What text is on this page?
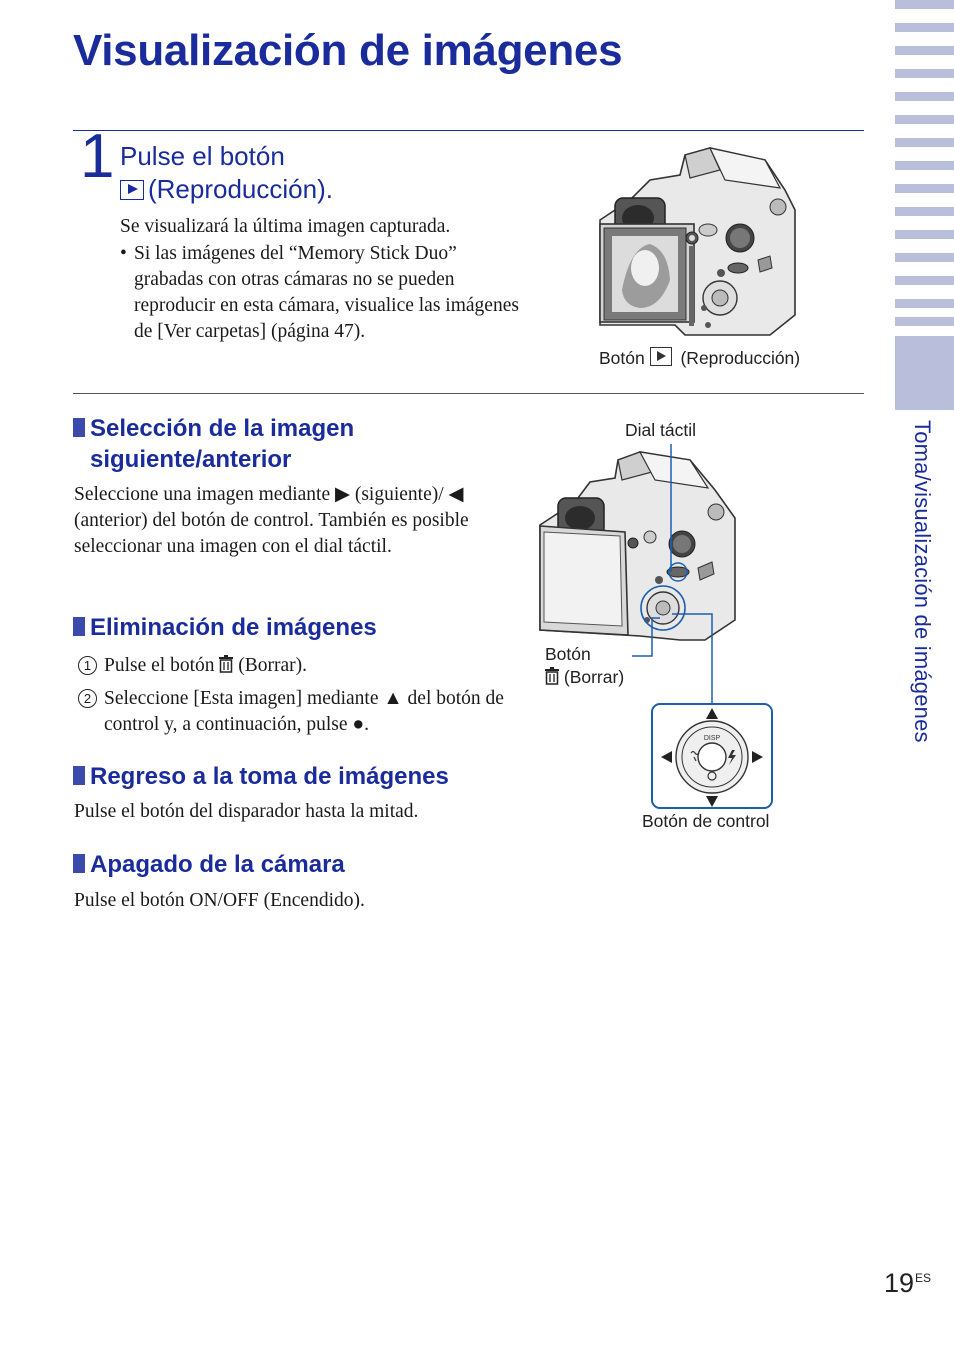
Visualización de imágenes
Toma/visualización de imágenes
1 Pulse el botón
(Reproducción).

Se visualizará la última imagen capturada.

• Si las imágenes del “Memory Stick Duo” grabadas con otras cámaras no se pueden reproducir en esta cámara, visualice las imágenes de [Ver carpetas] (página 47).
Botón (Reproducción)
Selección de la imagen
siguiente/anterior

Seleccione una imagen mediante ▶ (siguiente)/ ◀ (anterior) del botón de control. También es posible seleccionar una imagen con el dial táctil.

Eliminación de imágenes
1 Pulse el botón (Borrar).
2 Seleccione [Esta imagen] mediante ▲ del botón de control y, a continuación, pulse ●.
Regreso a la toma de imágenes

Pulse el botón del disparador hasta la mitad.

Apagado de la cámara

Pulse el botón ON/OFF (Encendido).

Dial táctil
Botón
(Borrar)
DISP
Botón de control
19 ES
